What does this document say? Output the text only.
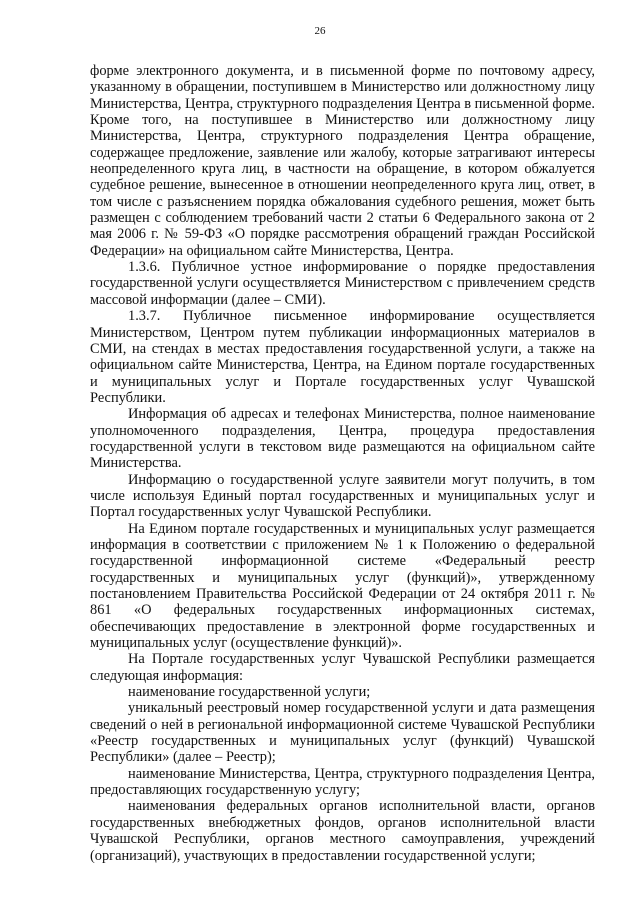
26

форме электронного документа, и в письменной форме по почтовому адресу, указанному в обращении, поступившем в Министерство или должностному лицу Министерства, Центра, структурного подразделения Центра в письменной форме. Кроме того, на поступившее в Министерство или должностному лицу Министерства, Центра, структурного подразделения Центра обращение, содержащее предложение, заявление или жалобу, которые затрагивают интересы неопределенного круга лиц, в частности на обращение, в котором обжалуется судебное решение, вынесенное в отношении неопределенного круга лиц, ответ, в том числе с разъяснением порядка обжалования судебного решения, может быть размещен с соблюдением требований части 2 статьи 6 Федерального закона от 2 мая 2006 г. № 59-ФЗ «О порядке рассмотрения обращений граждан Российской Федерации» на официальном сайте Министерства, Центра.

1.3.6. Публичное устное информирование о порядке предоставления государственной услуги осуществляется Министерством с привлечением средств массовой информации (далее – СМИ).

1.3.7. Публичное письменное информирование осуществляется Министерством, Центром путем публикации информационных материалов в СМИ, на стендах в местах предоставления государственной услуги, а также на официальном сайте Министерства, Центра, на Едином портале государственных и муниципальных услуг и Портале государственных услуг Чувашской Республики.

Информация об адресах и телефонах Министерства, полное наименование уполномоченного подразделения, Центра, процедура предоставления государственной услуги в текстовом виде размещаются на официальном сайте Министерства.

Информацию о государственной услуге заявители могут получить, в том числе используя Единый портал государственных и муниципальных услуг и Портал государственных услуг Чувашской Республики.

На Едином портале государственных и муниципальных услуг размещается информация в соответствии с приложением № 1 к Положению о федеральной государственной информационной системе «Федеральный реестр государственных и муниципальных услуг (функций)», утвержденному постановлением Правительства Российской Федерации от 24 октября 2011 г. № 861 «О федеральных государственных информационных системах, обеспечивающих предоставление в электронной форме государственных и муниципальных услуг (осуществление функций)».

На Портале государственных услуг Чувашской Республики размещается следующая информация:

наименование государственной услуги;

уникальный реестровый номер государственной услуги и дата размещения сведений о ней в региональной информационной системе Чувашской Республики «Реестр государственных и муниципальных услуг (функций) Чувашской Республики» (далее – Реестр);

наименование Министерства, Центра, структурного подразделения Центра, предоставляющих государственную услугу;

наименования федеральных органов исполнительной власти, органов государственных внебюджетных фондов, органов исполнительной власти Чувашской Республики, органов местного самоуправления, учреждений (организаций), участвующих в предоставлении государственной услуги;
